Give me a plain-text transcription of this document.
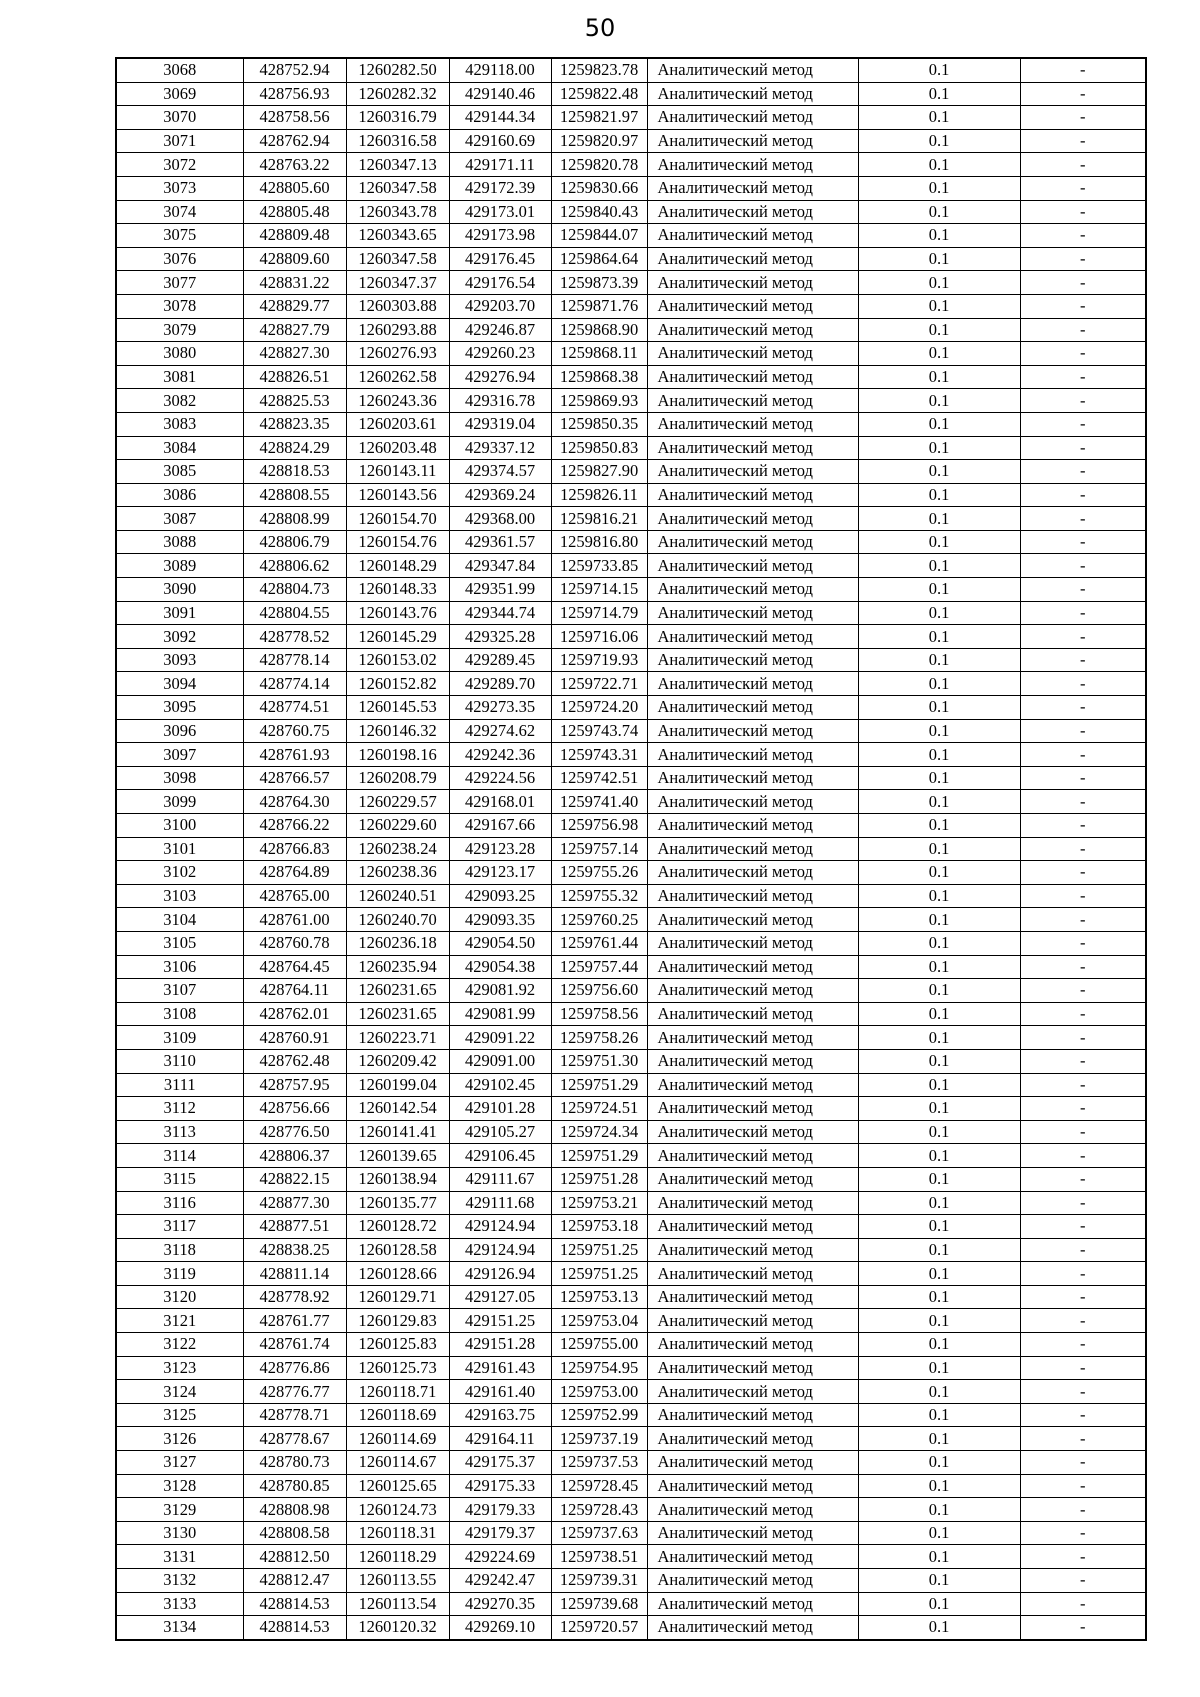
50
3068	428752.94	1260282.50	429118.00	1259823.78	Аналитический метод	0.1	-
3069	428756.93	1260282.32	429140.46	1259822.48	Аналитический метод	0.1	-
3070	428758.56	1260316.79	429144.34	1259821.97	Аналитический метод	0.1	-
3071	428762.94	1260316.58	429160.69	1259820.97	Аналитический метод	0.1	-
3072	428763.22	1260347.13	429171.11	1259820.78	Аналитический метод	0.1	-
3073	428805.60	1260347.58	429172.39	1259830.66	Аналитический метод	0.1	-
3074	428805.48	1260343.78	429173.01	1259840.43	Аналитический метод	0.1	-
3075	428809.48	1260343.65	429173.98	1259844.07	Аналитический метод	0.1	-
3076	428809.60	1260347.58	429176.45	1259864.64	Аналитический метод	0.1	-
3077	428831.22	1260347.37	429176.54	1259873.39	Аналитический метод	0.1	-
3078	428829.77	1260303.88	429203.70	1259871.76	Аналитический метод	0.1	-
3079	428827.79	1260293.88	429246.87	1259868.90	Аналитический метод	0.1	-
3080	428827.30	1260276.93	429260.23	1259868.11	Аналитический метод	0.1	-
3081	428826.51	1260262.58	429276.94	1259868.38	Аналитический метод	0.1	-
3082	428825.53	1260243.36	429316.78	1259869.93	Аналитический метод	0.1	-
3083	428823.35	1260203.61	429319.04	1259850.35	Аналитический метод	0.1	-
3084	428824.29	1260203.48	429337.12	1259850.83	Аналитический метод	0.1	-
3085	428818.53	1260143.11	429374.57	1259827.90	Аналитический метод	0.1	-
3086	428808.55	1260143.56	429369.24	1259826.11	Аналитический метод	0.1	-
3087	428808.99	1260154.70	429368.00	1259816.21	Аналитический метод	0.1	-
3088	428806.79	1260154.76	429361.57	1259816.80	Аналитический метод	0.1	-
3089	428806.62	1260148.29	429347.84	1259733.85	Аналитический метод	0.1	-
3090	428804.73	1260148.33	429351.99	1259714.15	Аналитический метод	0.1	-
3091	428804.55	1260143.76	429344.74	1259714.79	Аналитический метод	0.1	-
3092	428778.52	1260145.29	429325.28	1259716.06	Аналитический метод	0.1	-
3093	428778.14	1260153.02	429289.45	1259719.93	Аналитический метод	0.1	-
3094	428774.14	1260152.82	429289.70	1259722.71	Аналитический метод	0.1	-
3095	428774.51	1260145.53	429273.35	1259724.20	Аналитический метод	0.1	-
3096	428760.75	1260146.32	429274.62	1259743.74	Аналитический метод	0.1	-
3097	428761.93	1260198.16	429242.36	1259743.31	Аналитический метод	0.1	-
3098	428766.57	1260208.79	429224.56	1259742.51	Аналитический метод	0.1	-
3099	428764.30	1260229.57	429168.01	1259741.40	Аналитический метод	0.1	-
3100	428766.22	1260229.60	429167.66	1259756.98	Аналитический метод	0.1	-
3101	428766.83	1260238.24	429123.28	1259757.14	Аналитический метод	0.1	-
3102	428764.89	1260238.36	429123.17	1259755.26	Аналитический метод	0.1	-
3103	428765.00	1260240.51	429093.25	1259755.32	Аналитический метод	0.1	-
3104	428761.00	1260240.70	429093.35	1259760.25	Аналитический метод	0.1	-
3105	428760.78	1260236.18	429054.50	1259761.44	Аналитический метод	0.1	-
3106	428764.45	1260235.94	429054.38	1259757.44	Аналитический метод	0.1	-
3107	428764.11	1260231.65	429081.92	1259756.60	Аналитический метод	0.1	-
3108	428762.01	1260231.65	429081.99	1259758.56	Аналитический метод	0.1	-
3109	428760.91	1260223.71	429091.22	1259758.26	Аналитический метод	0.1	-
3110	428762.48	1260209.42	429091.00	1259751.30	Аналитический метод	0.1	-
3111	428757.95	1260199.04	429102.45	1259751.29	Аналитический метод	0.1	-
3112	428756.66	1260142.54	429101.28	1259724.51	Аналитический метод	0.1	-
3113	428776.50	1260141.41	429105.27	1259724.34	Аналитический метод	0.1	-
3114	428806.37	1260139.65	429106.45	1259751.29	Аналитический метод	0.1	-
3115	428822.15	1260138.94	429111.67	1259751.28	Аналитический метод	0.1	-
3116	428877.30	1260135.77	429111.68	1259753.21	Аналитический метод	0.1	-
3117	428877.51	1260128.72	429124.94	1259753.18	Аналитический метод	0.1	-
3118	428838.25	1260128.58	429124.94	1259751.25	Аналитический метод	0.1	-
3119	428811.14	1260128.66	429126.94	1259751.25	Аналитический метод	0.1	-
3120	428778.92	1260129.71	429127.05	1259753.13	Аналитический метод	0.1	-
3121	428761.77	1260129.83	429151.25	1259753.04	Аналитический метод	0.1	-
3122	428761.74	1260125.83	429151.28	1259755.00	Аналитический метод	0.1	-
3123	428776.86	1260125.73	429161.43	1259754.95	Аналитический метод	0.1	-
3124	428776.77	1260118.71	429161.40	1259753.00	Аналитический метод	0.1	-
3125	428778.71	1260118.69	429163.75	1259752.99	Аналитический метод	0.1	-
3126	428778.67	1260114.69	429164.11	1259737.19	Аналитический метод	0.1	-
3127	428780.73	1260114.67	429175.37	1259737.53	Аналитический метод	0.1	-
3128	428780.85	1260125.65	429175.33	1259728.45	Аналитический метод	0.1	-
3129	428808.98	1260124.73	429179.33	1259728.43	Аналитический метод	0.1	-
3130	428808.58	1260118.31	429179.37	1259737.63	Аналитический метод	0.1	-
3131	428812.50	1260118.29	429224.69	1259738.51	Аналитический метод	0.1	-
3132	428812.47	1260113.55	429242.47	1259739.31	Аналитический метод	0.1	-
3133	428814.53	1260113.54	429270.35	1259739.68	Аналитический метод	0.1	-
3134	428814.53	1260120.32	429269.10	1259720.57	Аналитический метод	0.1	-
